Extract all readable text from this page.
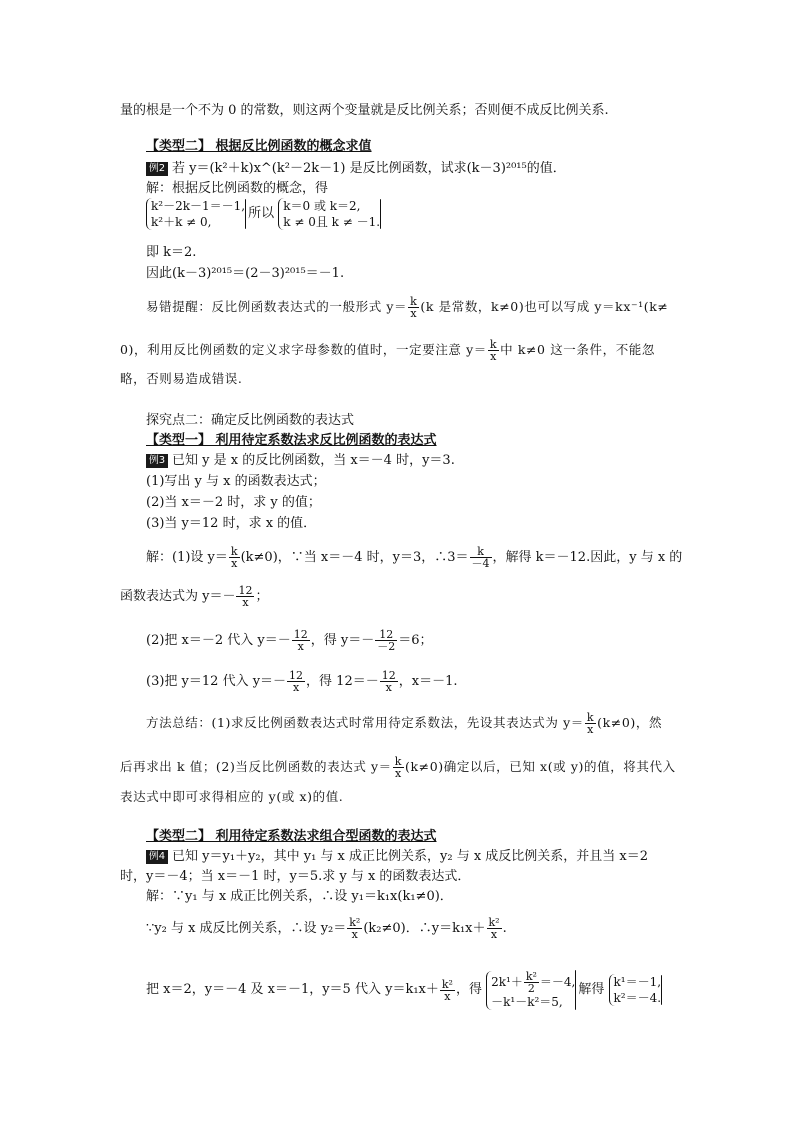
量的根是一个不为 0 的常数，则这两个变量就是反比例关系；否则便不成反比例关系.
【类型二】 根据反比例函数的概念求值
例2 若 y＝(k²＋k)x^(k²－2k－1) 是反比例函数，试求(k－3)²⁰¹⁵的值．
解：根据反比例函数的概念，得
k²－2k－1＝－1,
k²＋k ≠ 0,
所以 k＝0 或 k＝2,
k ≠ 0且 k ≠ －1.
即 k＝2.
因此(k－3)²⁰¹⁵＝(2－3)²⁰¹⁵＝－1.
易错提醒：反比例函数表达式的一般形式 $y= \frac{k}{x} (k$ 是常数，k≠0)也可以写成 y＝kx⁻¹(k≠
0)，利用反比例函数的定义求字母参数的值时，一定要注意 $y= \frac{k}{x}$ 中 k≠0 这一条件，不能忽
略，否则易造成错误.
探究点二：确定反比例函数的表达式
【类型一】 利用待定系数法求反比例函数的表达式
例3 已知 y 是 x 的反比例函数，当 x＝－4 时，y＝3.
(1)写出 y 与 x 的函数表达式；
(2)当 x＝－2 时，求 y 的值；
(3)当 y＝12 时，求 x 的值．
解：(1)设 $y= \frac{k}{x} (k\ne 0)$，∵当 x＝－4 时，y＝3，∴3＝ $\frac{k}{-4}$ ，解得 k＝－12.因此，y 与 x 的
函数表达式为 $y=- \frac{12}{x}$ ；
(2)把 x＝－2 代入 $y=- \frac{12}{x}$ ，得 $y=- \frac{12}{-2} =6$；
(3)把 y＝12 代入 $y=- \frac{12}{x}$ ，得 $12=- \frac{12}{x}$ ，x＝－1.
方法总结：(1)求反比例函数表达式时常用待定系数法，先设其表达式为 $y= \frac{k}{x} (k\ne 0)$，然
后再求出 k 值；(2)当反比例函数的表达式 $y= \frac{k}{x} (k\ne 0)$确定以后，已知 x(或 y)的值，将其代入
表达式中即可求得相应的 y(或 x)的值.
【类型二】 利用待定系数法求组合型函数的表达式
例4 已知 y＝y₁＋y₂，其中 y₁ 与 x 成正比例关系，y₂ 与 x 成反比例关系，并且当 x＝2
时，y＝－4；当 x＝－1 时，y＝5.求 y 与 x 的函数表达式．
解：∵y₁ 与 x 成正比例关系，∴设 y₁＝k₁x(k₁≠0)．
∵y₂ 与 x 成反比例关系，∴设 $y_2= \frac{\text{k²}}{x} (k_2\ne 0)$．∴y＝k₁x＋ $\frac{\text{k²}}{x}$ .
把 x＝2，y＝－4 及 x＝－1，y＝5 代入 $y=k_1x+ \frac{\text{k²}}{x}$ ，得
$2k^1+ \frac{\text{k²}}{2} =-4$,
－k¹－k²＝5,
解得 k¹＝－1,
k²＝－4.
